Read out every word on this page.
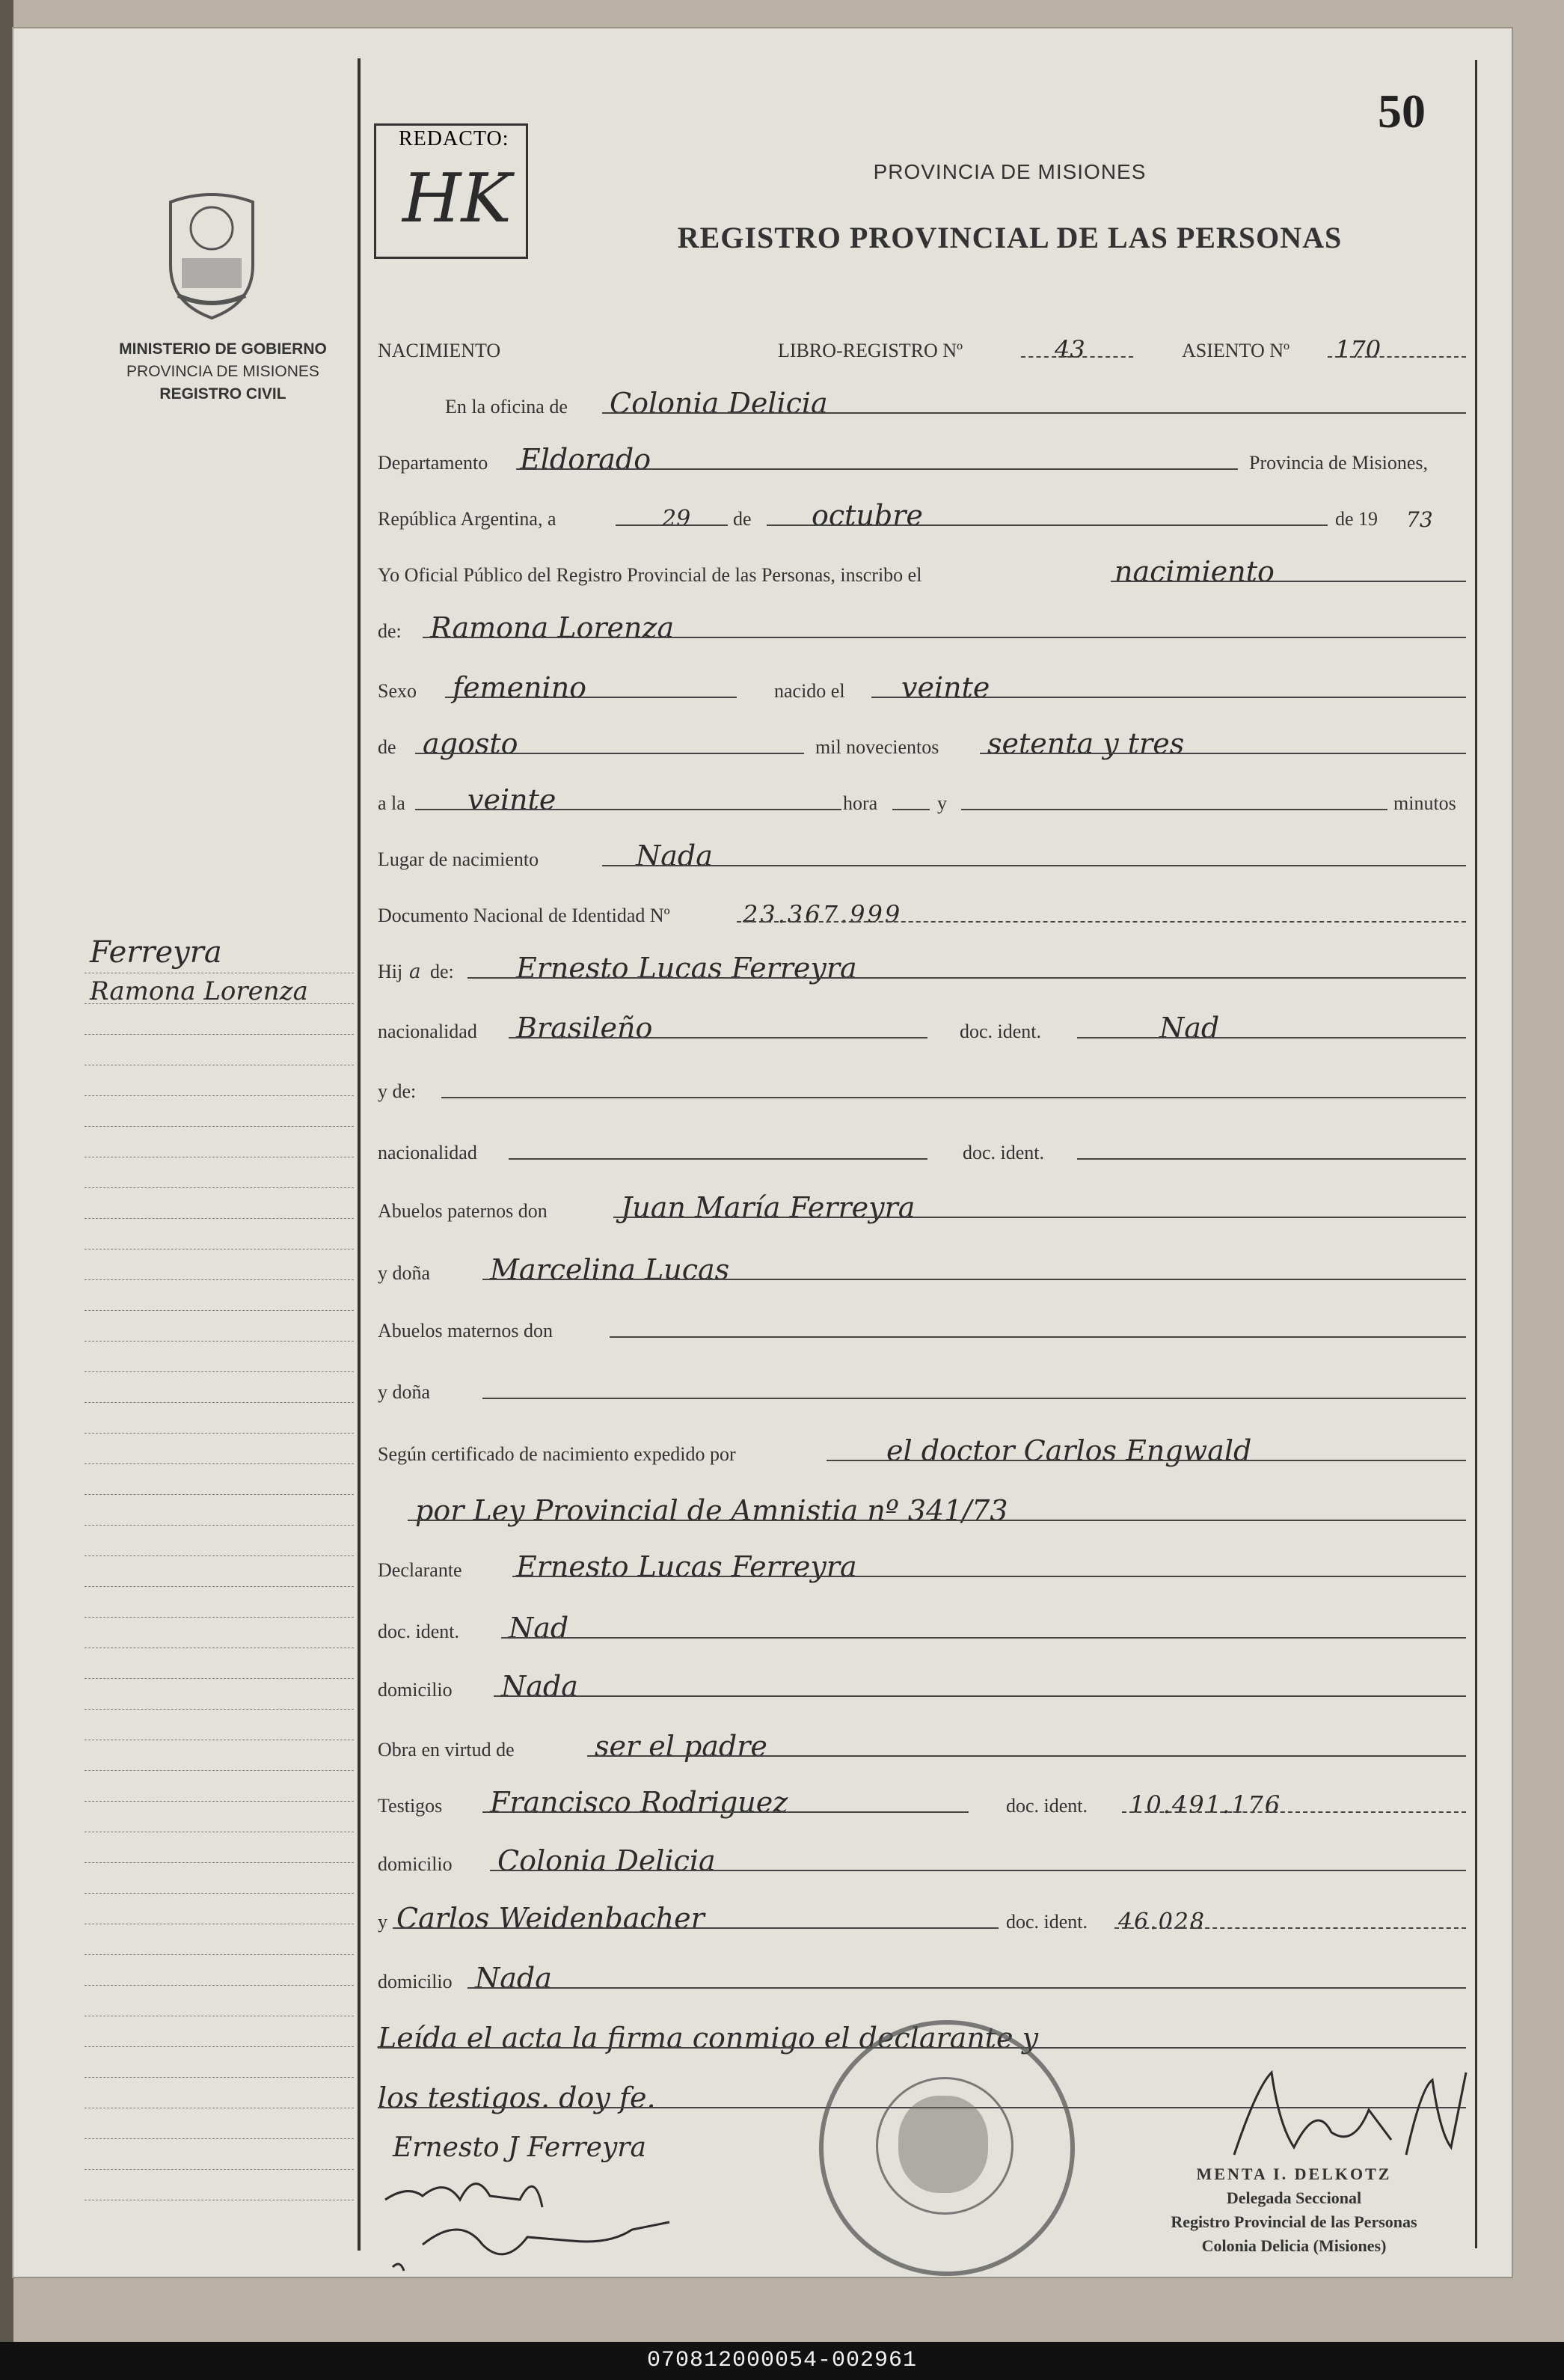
MINISTERIO DE GOBIERNO
PROVINCIA DE MISIONES
REGISTRO CIVIL
Ferreyra
Ramona Lorenza
REDACTO:
HK
50
PROVINCIA DE MISIONES
REGISTRO PROVINCIAL DE LAS PERSONAS
NACIMIENTO	LIBRO-REGISTRO Nº	43	ASIENTO Nº 170
En la oficina de Colonia Delicia
Departamento Eldorado	Provincia de Misiones,
República Argentina, a	29 de octubre	de 19 73
Yo Oficial Público del Registro Provincial de las Personas, inscribo el	nacimiento
de: Ramona Lorenza
Sexo femenino	nacido el veinte
de agosto	mil novecientos setenta y tres
a la veinte	hora	y	minutos
Lugar de nacimiento	Nada
Documento Nacional de Identidad Nº	23.367.999
Hij a de: Ernesto Lucas Ferreyra
nacionalidad Brasileño	doc. ident.	Nad
y de:
nacionalidad	doc. ident.
Abuelos paternos don	Juan María Ferreyra
y doña Marcelina Lucas
Abuelos maternos don
y doña
Según certificado de nacimiento expedido por	el doctor Carlos Engwald
por Ley Provincial de Amnistia nº 341/73
Declarante Ernesto Lucas Ferreyra
doc. ident. Nad
domicilio Nada
Obra en virtud de	ser el padre
Testigos Francisco Rodriguez	doc. ident. 10.491.176
domicilio Colonia Delicia
y Carlos Weidenbacher	doc. ident. 46.028
domicilio Nada
Leída el acta la firma conmigo el declarante y
los testigos. doy fe.
Ernesto J Ferreyra
MENTA I. DELKOTZ
Delegada Seccional
Registro Provincial de las Personas
Colonia Delicia (Misiones)
070812000054-002961
